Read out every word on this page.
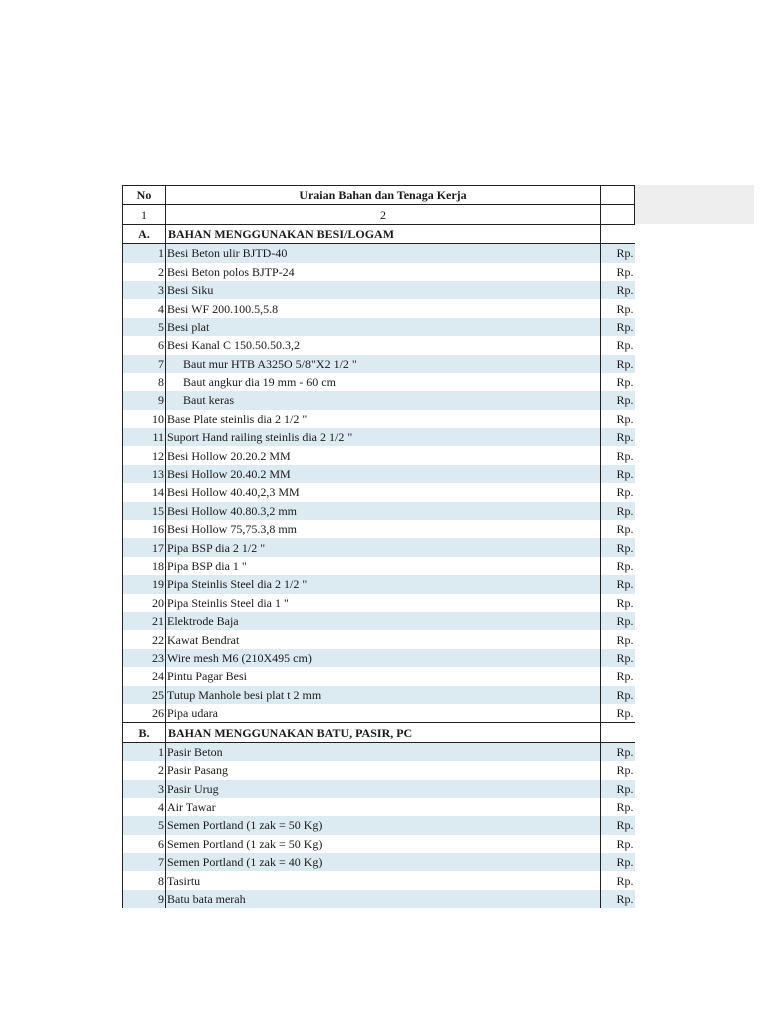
No	Uraian Bahan dan Tenaga Kerja	
1	2	
A.	BAHAN MENGGUNAKAN BESI/LOGAM	
1	Besi Beton ulir BJTD-40	Rp.
2	Besi Beton polos BJTP-24	Rp.
3	Besi Siku	Rp.
4	Besi WF 200.100.5,5.8	Rp.
5	Besi plat	Rp.
6	Besi Kanal C 150.50.50.3,2	Rp.
7	Baut mur HTB A325O 5/8"X2 1/2 "	Rp.
8	Baut angkur dia 19 mm - 60 cm	Rp.
9	Baut keras	Rp.
10	Base Plate steinlis dia 2 1/2 "	Rp.
11	Suport Hand railing steinlis dia 2 1/2 "	Rp.
12	Besi Hollow 20.20.2 MM	Rp.
13	Besi Hollow 20.40.2 MM	Rp.
14	Besi Hollow 40.40,2,3 MM	Rp.
15	Besi Hollow 40.80.3,2 mm	Rp.
16	Besi Hollow 75,75.3,8 mm	Rp.
17	Pipa BSP dia 2 1/2 "	Rp.
18	Pipa BSP dia 1 "	Rp.
19	Pipa Steinlis Steel dia 2 1/2 "	Rp.
20	Pipa Steinlis Steel dia 1 "	Rp.
21	Elektrode Baja	Rp.
22	Kawat Bendrat	Rp.
23	Wire mesh M6 (210X495 cm)	Rp.
24	Pintu Pagar Besi	Rp.
25	Tutup Manhole besi plat t 2 mm	Rp.
26	Pipa udara	Rp.
B.	BAHAN MENGGUNAKAN BATU, PASIR, PC	
1	Pasir Beton	Rp.
2	Pasir Pasang	Rp.
3	Pasir Urug	Rp.
4	Air Tawar	Rp.
5	Semen Portland (1 zak = 50 Kg)	Rp.
6	Semen Portland (1 zak = 50 Kg)	Rp.
7	Semen Portland (1 zak = 40 Kg)	Rp.
8	Tasirtu	Rp.
9	Batu bata merah	Rp.
